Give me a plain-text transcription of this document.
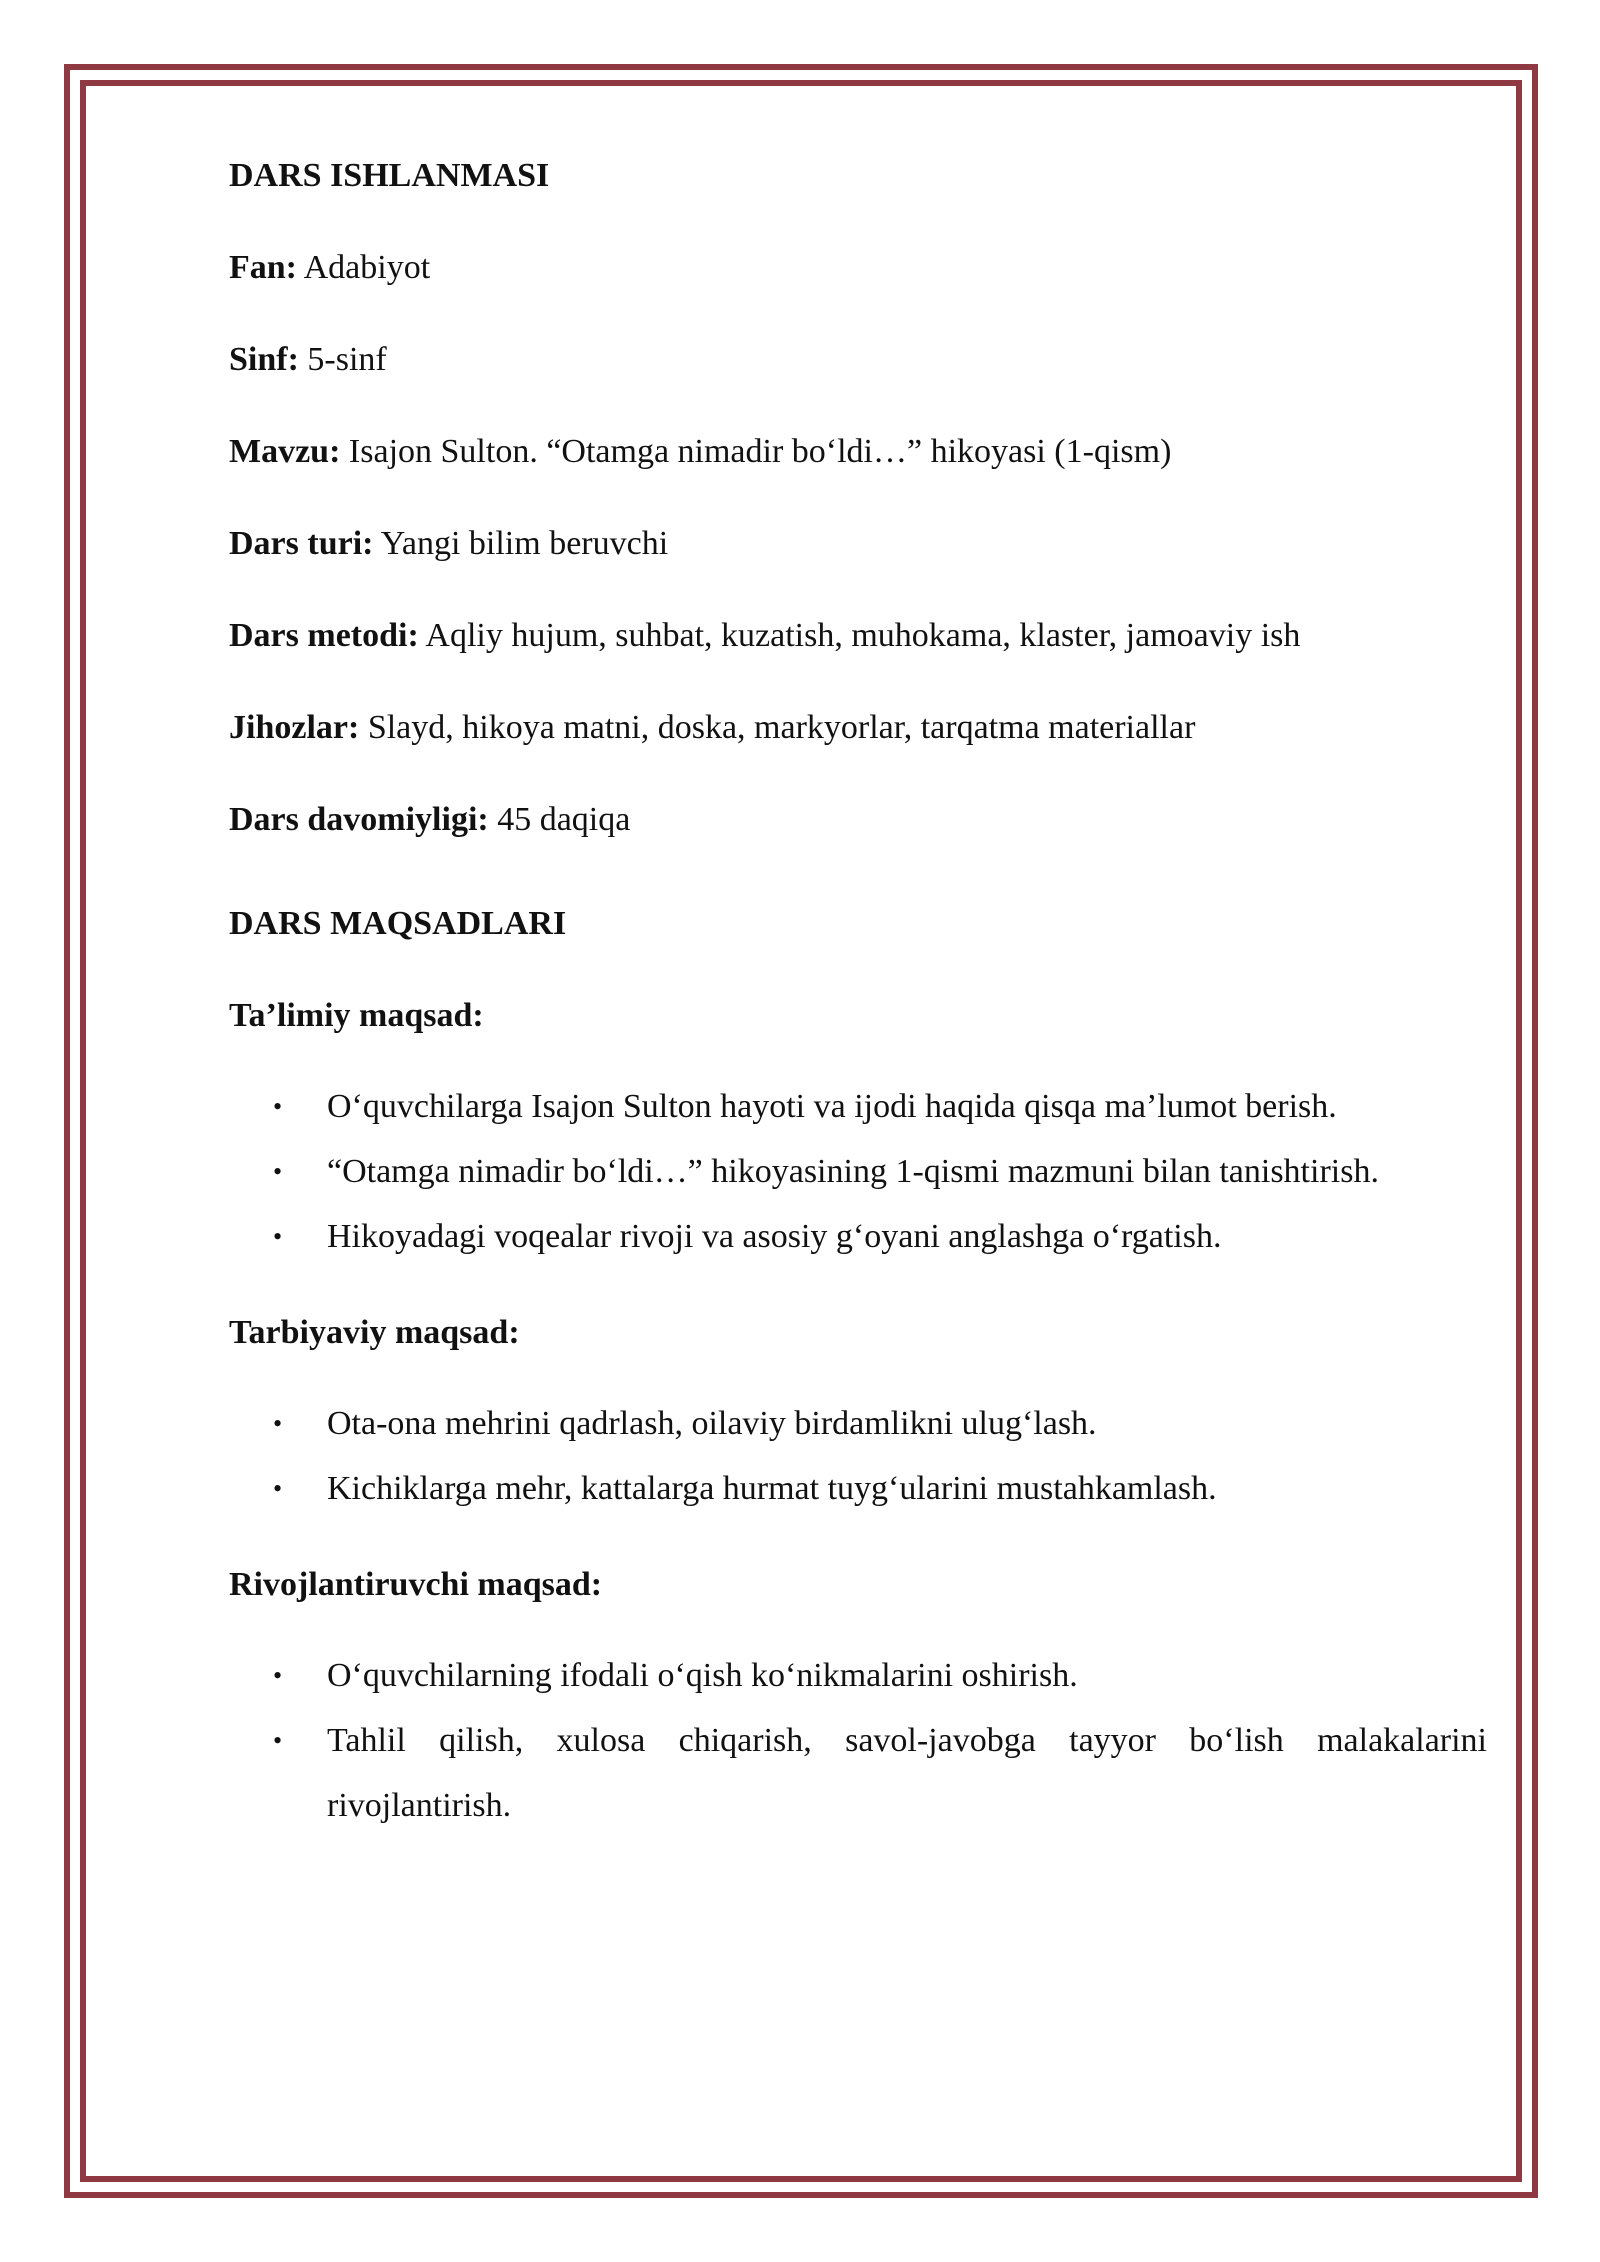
DARS ISHLANMASI
Fan: Adabiyot
Sinf: 5-sinf
Mavzu: Isajon Sulton. “Otamga nimadir bo‘ldi…” hikoyasi (1-qism)
Dars turi: Yangi bilim beruvchi
Dars metodi: Aqliy hujum, suhbat, kuzatish, muhokama, klaster, jamoaviy ish
Jihozlar: Slayd, hikoya matni, doska, markyorlar, tarqatma materiallar
Dars davomiyligi: 45 daqiqa
DARS MAQSADLARI
Ta’limiy maqsad:
• O‘quvchilarga Isajon Sulton hayoti va ijodi haqida qisqa ma’lumot berish.
• “Otamga nimadir bo‘ldi…” hikoyasining 1-qismi mazmuni bilan tanishtirish.
• Hikoyadagi voqealar rivoji va asosiy g‘oyani anglashga o‘rgatish.
Tarbiyaviy maqsad:
• Ota-ona mehrini qadrlash, oilaviy birdamlikni ulug‘lash.
• Kichiklarga mehr, kattalarga hurmat tuyg‘ularini mustahkamlash.
Rivojlantiruvchi maqsad:
• O‘quvchilarning ifodali o‘qish ko‘nikmalarini oshirish.
• Tahlil qilish, xulosa chiqarish, savol-javobga tayyor bo‘lish malakalarini rivojlantirish.
